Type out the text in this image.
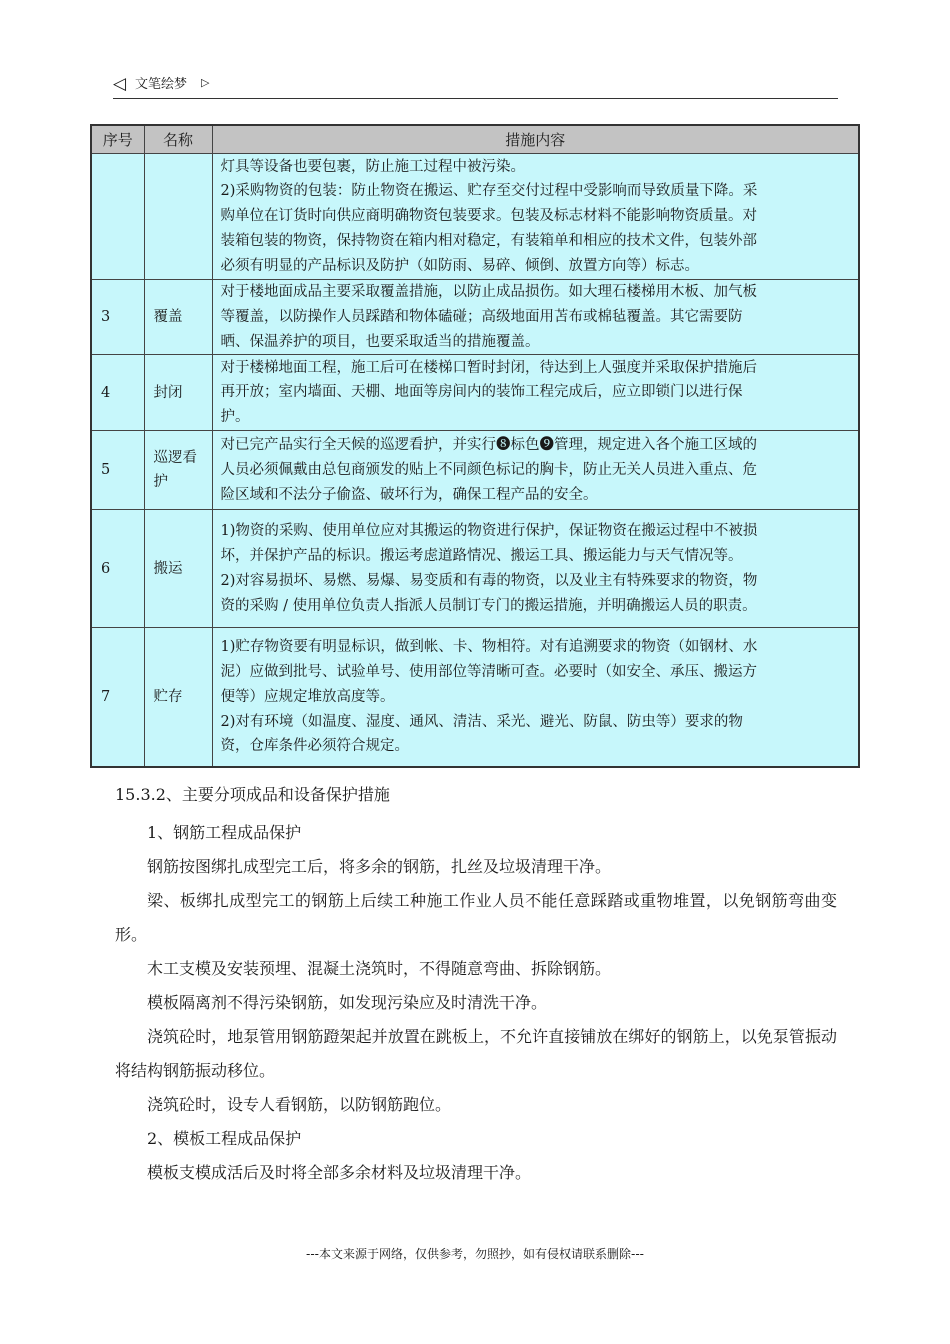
◁ 文笔绘梦 ▷
序号	名称	措施内容

		灯具等设备也要包裹，防止施工过程中被污染。
2)采购物资的包装：防止物资在搬运、贮存至交付过程中受影响而导致质量下降。采
购单位在订货时向供应商明确物资包装要求。包装及标志材料不能影响物资质量。对
装箱包装的物资，保持物资在箱内相对稳定，有装箱单和相应的技术文件，包装外部
必须有明显的产品标识及防护（如防雨、易碎、倾倒、放置方向等）标志。

3	覆盖	对于楼地面成品主要采取覆盖措施，以防止成品损伤。如大理石楼梯用木板、加气板
等覆盖，以防操作人员踩踏和物体磕碰；高级地面用苫布或棉毡覆盖。其它需要防
晒、保温养护的项目，也要采取适当的措施覆盖。

4	封闭	对于楼梯地面工程，施工后可在楼梯口暂时封闭，待达到上人强度并采取保护措施后
再开放；室内墙面、天棚、地面等房间内的装饰工程完成后，应立即锁门以进行保
护。

5	巡逻看护	对已完产品实行全天候的巡逻看护，并实行❽标色❾管理，规定进入各个施工区域的
人员必须佩戴由总包商颁发的贴上不同颜色标记的胸卡，防止无关人员进入重点、危
险区域和不法分子偷盗、破坏行为，确保工程产品的安全。

6	搬运	1)物资的采购、使用单位应对其搬运的物资进行保护，保证物资在搬运过程中不被损
坏，并保护产品的标识。搬运考虑道路情况、搬运工具、搬运能力与天气情况等。
2)对容易损坏、易燃、易爆、易变质和有毒的物资，以及业主有特殊要求的物资，物
资的采购 / 使用单位负责人指派人员制订专门的搬运措施，并明确搬运人员的职责。

7	贮存	1)贮存物资要有明显标识，做到帐、卡、物相符。对有追溯要求的物资（如钢材、水
泥）应做到批号、试验单号、使用部位等清晰可查。必要时（如安全、承压、搬运方
便等）应规定堆放高度等。
2)对有环境（如温度、湿度、通风、清洁、采光、避光、防鼠、防虫等）要求的物
资，仓库条件必须符合规定。
15.3.2、主要分项成品和设备保护措施

1、钢筋工程成品保护

钢筋按图绑扎成型完工后，将多余的钢筋，扎丝及垃圾清理干净。

梁、板绑扎成型完工的钢筋上后续工种施工作业人员不能任意踩踏或重物堆置，以免钢筋弯曲变形。

木工支模及安装预埋、混凝土浇筑时，不得随意弯曲、拆除钢筋。

模板隔离剂不得污染钢筋，如发现污染应及时清洗干净。

浇筑砼时，地泵管用钢筋蹬架起并放置在跳板上，不允许直接铺放在绑好的钢筋上，以免泵管振动将结构钢筋振动移位。

浇筑砼时，设专人看钢筋，以防钢筋跑位。

2、模板工程成品保护

模板支模成活后及时将全部多余材料及垃圾清理干净。

---本文来源于网络，仅供参考，勿照抄，如有侵权请联系删除---
